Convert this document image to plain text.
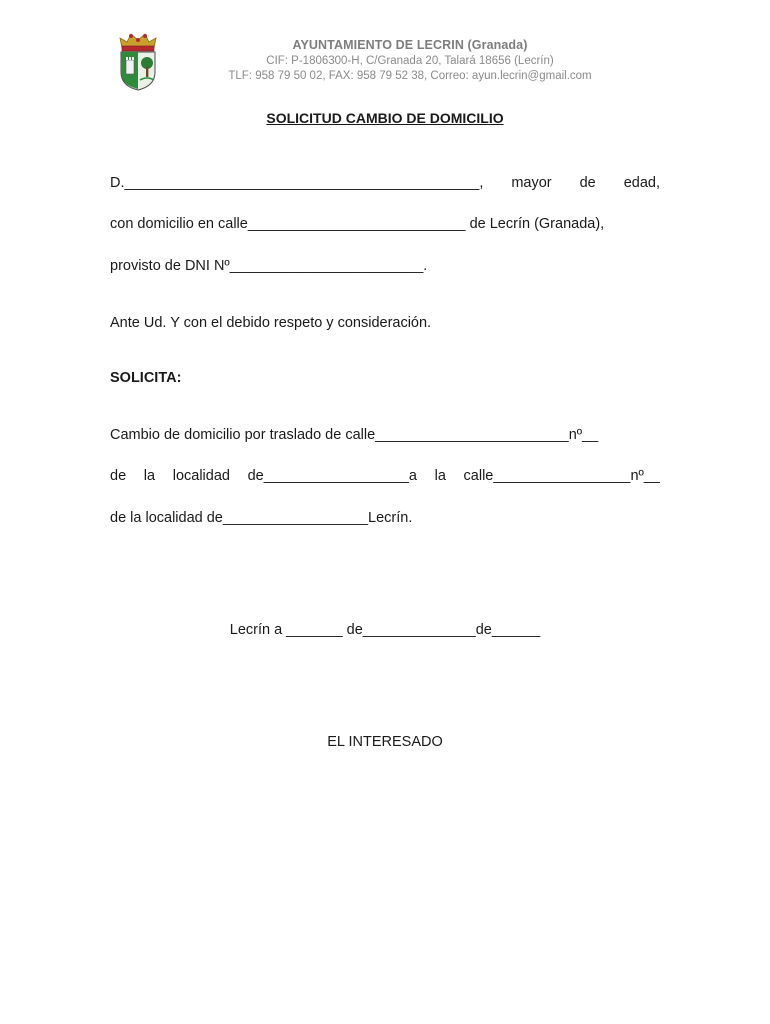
AYUNTAMIENTO DE LECRIN (Granada)
CIF: P-1806300-H, C/Granada 20, Talará 18656 (Lecrín)
TLF: 958 79 50 02, FAX: 958 79 52 38, Correo: ayun.lecrin@gmail.com
SOLICITUD CAMBIO DE DOMICILIO
D.____________________________________________, mayor de edad,
con domicilio en calle___________________________ de Lecrín (Granada),
provisto de DNI Nº________________________.
Ante Ud. Y con el debido respeto y consideración.
SOLICITA:
Cambio de domicilio por traslado de calle________________________nº__
de la localidad de__________________a la calle_________________nº__
de la localidad de__________________Lecrín.
Lecrín a _______ de______________de______
EL INTERESADO
